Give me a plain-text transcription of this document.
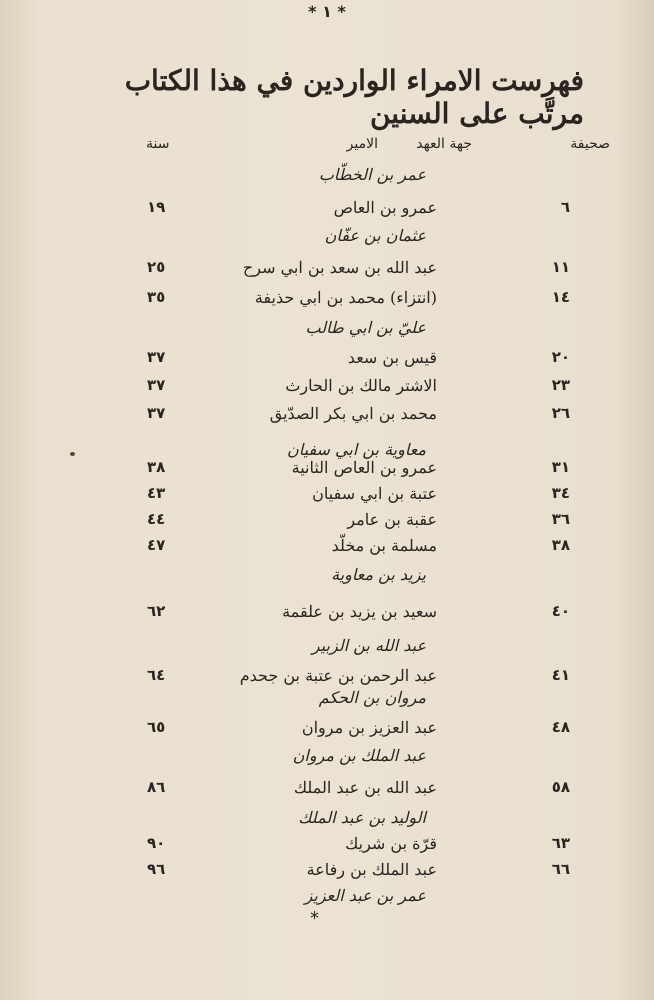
* ١ *
فهرست الامراء الواردين في هذا الكتاب مرتَّب على السنين
صحيفة
جهة العهد
الامير
سنة
عمر بن الخطّاب
٦
عمرو بن العاص
١٩
عثمان بن عفّان
١١
عبد الله بن سعد بن ابي سرح
٢٥
١٤
(انتزاء) محمد بن ابي حذيفة
٣٥
عليّ بن ابي طالب
٢٠
قيس بن سعد
٣٧
٢٣
الاشتر مالك بن الحارث
٣٧
٢٦
محمد بن ابي بكر الصدّيق
٣٧
معاوية بن ابي سفيان
٣١
عمرو بن العاص الثانية
٣٨
٣٤
عتبة بن ابي سفيان
٤٣
٣٦
عقبة بن عامر
٤٤
٣٨
مسلمة بن مخلّد
٤٧
يزيد بن معاوية
٤٠
سعيد بن يزيد بن علقمة
٦٢
عبد الله بن الزبير
٤١
عبد الرحمن بن عتبة بن جحدم
٦٤
مروان بن الحكم
٤٨
عبد العزيز بن مروان
٦٥
عبد الملك بن مروان
٥٨
عبد الله بن عبد الملك
٨٦
الوليد بن عبد الملك
٦٣
قرّة بن شريك
٩٠
٦٦
عبد الملك بن رفاعة
٩٦
عمر بن عبد العزيز
*
